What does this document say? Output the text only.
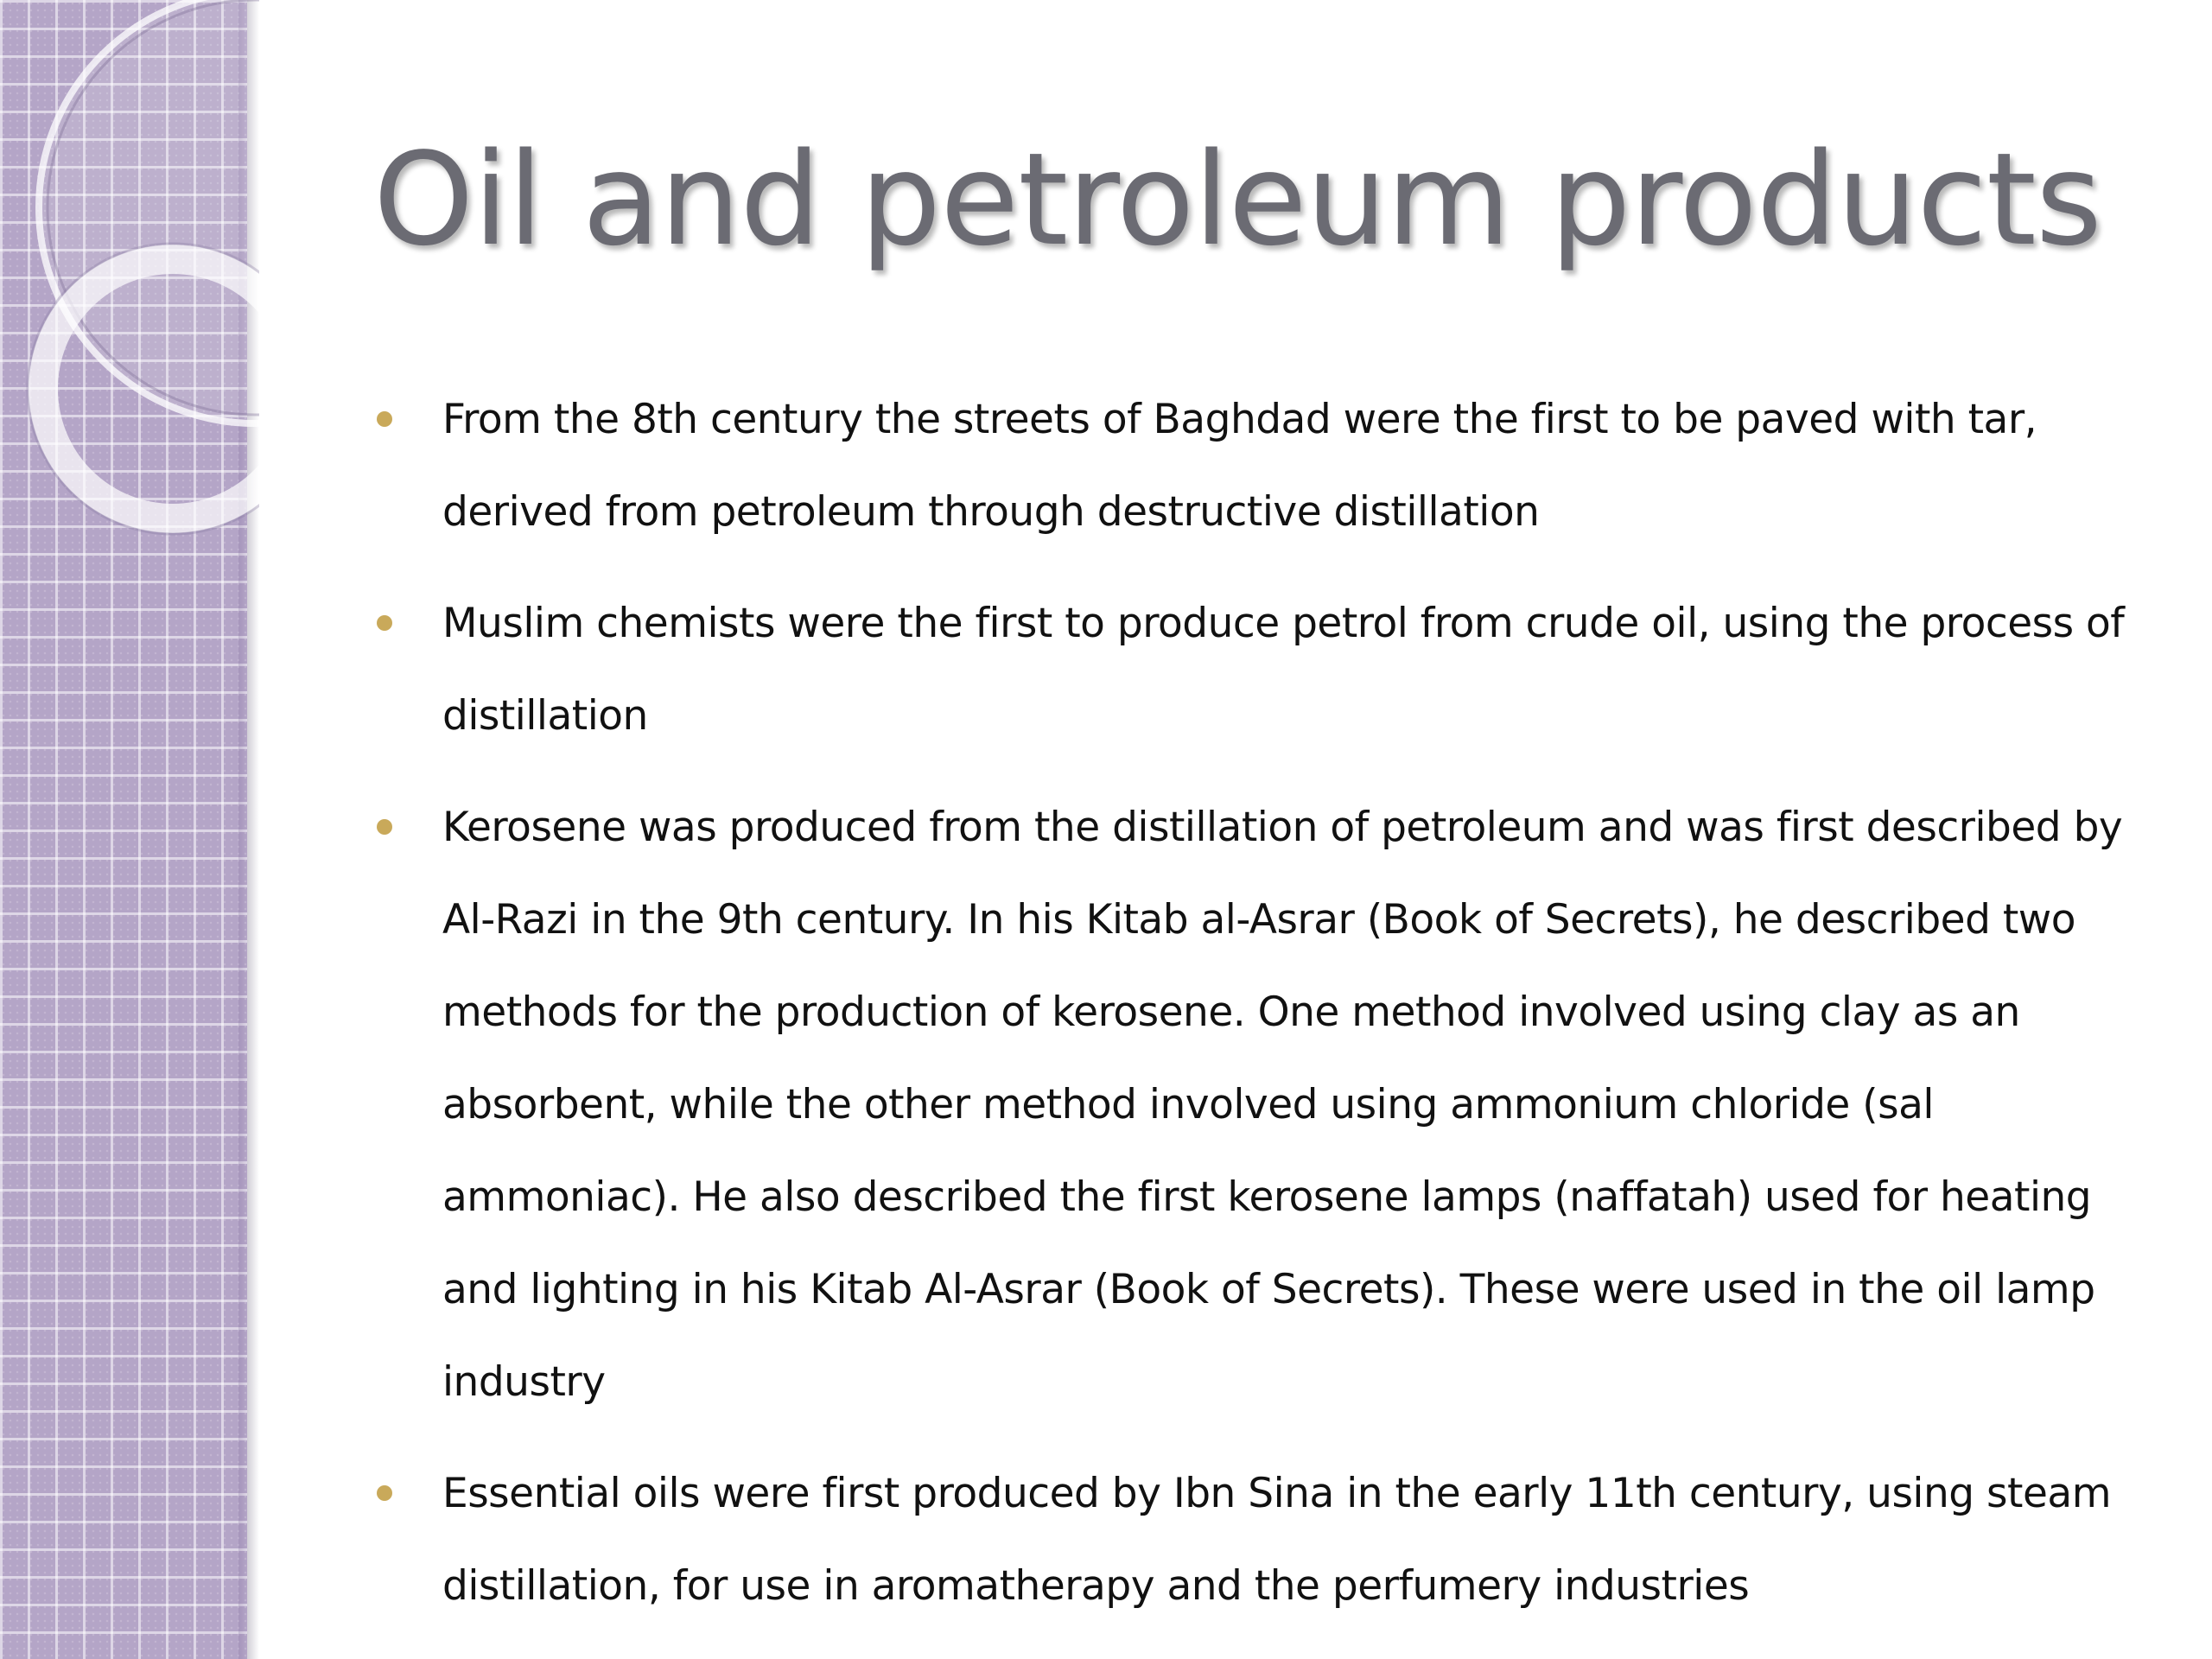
Oil and petroleum products
From the 8th century the streets of Baghdad were the first to be paved with tar, derived from petroleum through destructive distillation
Muslim chemists were the first to produce petrol from crude oil, using the process of distillation
Kerosene was produced from the distillation of petroleum and was first described by Al-Razi in the 9th century. In his Kitab al-Asrar (Book of Secrets), he described two methods for the production of kerosene. One method involved using clay as an absorbent, while the other method involved using ammonium chloride (sal ammoniac). He also described the first kerosene lamps (naffatah) used for heating and lighting in his Kitab Al-Asrar (Book of Secrets). These were used in the oil lamp industry
Essential oils were first produced by Ibn Sina in the early 11th century, using steam distillation, for use in aromatherapy and the perfumery industries
